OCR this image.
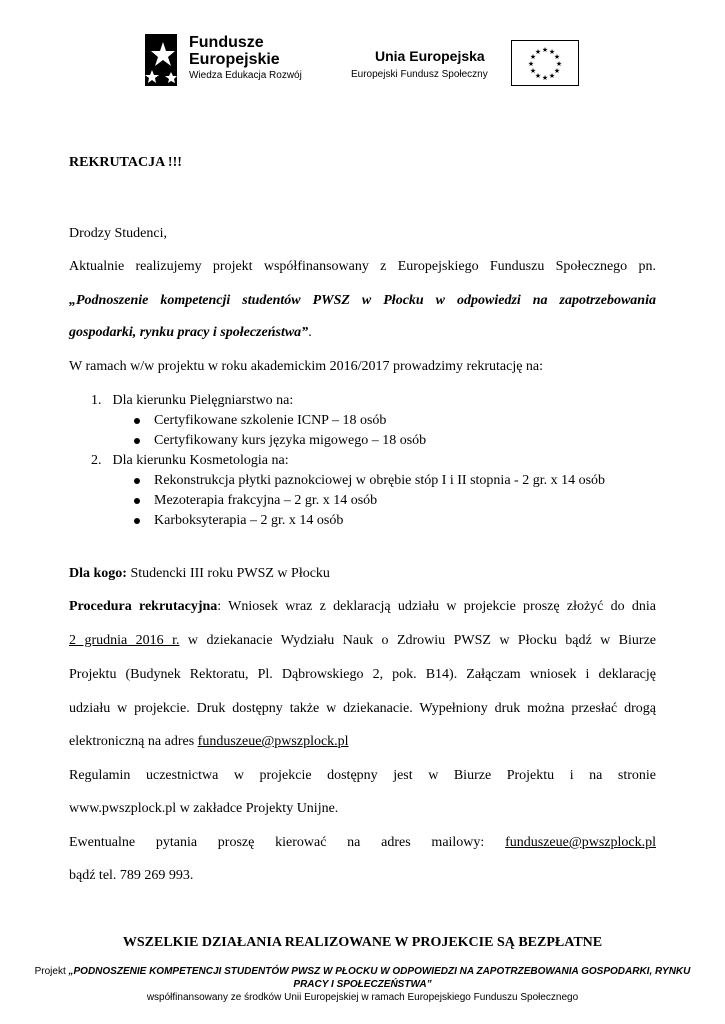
Fundusze
Europejskie
Wiedza Edukacja Rozwój
Unia Europejska
Europejski Fundusz Społeczny
★ ★
★
★
★
★
★
★
★
★
★
★
REKRUTACJA !!!
Drodzy Studenci,
Aktualnie realizujemy projekt współfinansowany z Europejskiego Funduszu Społecznego pn.
„Podnoszenie kompetencji studentów PWSZ w Płocku w odpowiedzi na zapotrzebowania
gospodarki, rynku pracy i społeczeństwa”.
W ramach w/w projektu w roku akademickim 2016/2017 prowadzimy rekrutację na:
1. Dla kierunku Pielęgniarstwo na:
Certyfikowane szkolenie ICNP – 18 osób
Certyfikowany kurs języka migowego – 18 osób
2. Dla kierunku Kosmetologia na:
Rekonstrukcja płytki paznokciowej w obrębie stóp I i II stopnia - 2 gr. x 14 osób
Mezoterapia frakcyjna – 2 gr. x 14 osób
Karboksyterapia – 2 gr. x 14 osób
Dla kogo: Studencki III roku PWSZ w Płocku
Procedura rekrutacyjna: Wniosek wraz z deklaracją udziału w projekcie proszę złożyć do dnia
2 grudnia 2016 r. w dziekanacie Wydziału Nauk o Zdrowiu PWSZ w Płocku bądź w Biurze
Projektu (Budynek Rektoratu, Pl. Dąbrowskiego 2, pok. B14). Załączam wniosek i deklarację
udziału w projekcie. Druk dostępny także w dziekanacie. Wypełniony druk można przesłać drogą
elektroniczną na adres funduszeue@pwszplock.pl
Regulamin uczestnictwa w projekcie dostępny jest w Biurze Projektu i na stronie
www.pwszplock.pl w zakładce Projekty Unijne.
Ewentualne pytania proszę kierować na adres mailowy: funduszeue@pwszplock.pl
bądź tel. 789 269 993.
WSZELKIE DZIAŁANIA REALIZOWANE W PROJEKCIE SĄ BEZPŁATNE
Projekt „PODNOSZENIE KOMPETENCJI STUDENTÓW PWSZ W PŁOCKU W ODPOWIEDZI NA ZAPOTRZEBOWANIA GOSPODARKI, RYNKU
PRACY I SPOŁECZEŃSTWA”
współfinansowany ze środków Unii Europejskiej w ramach Europejskiego Funduszu Społecznego
